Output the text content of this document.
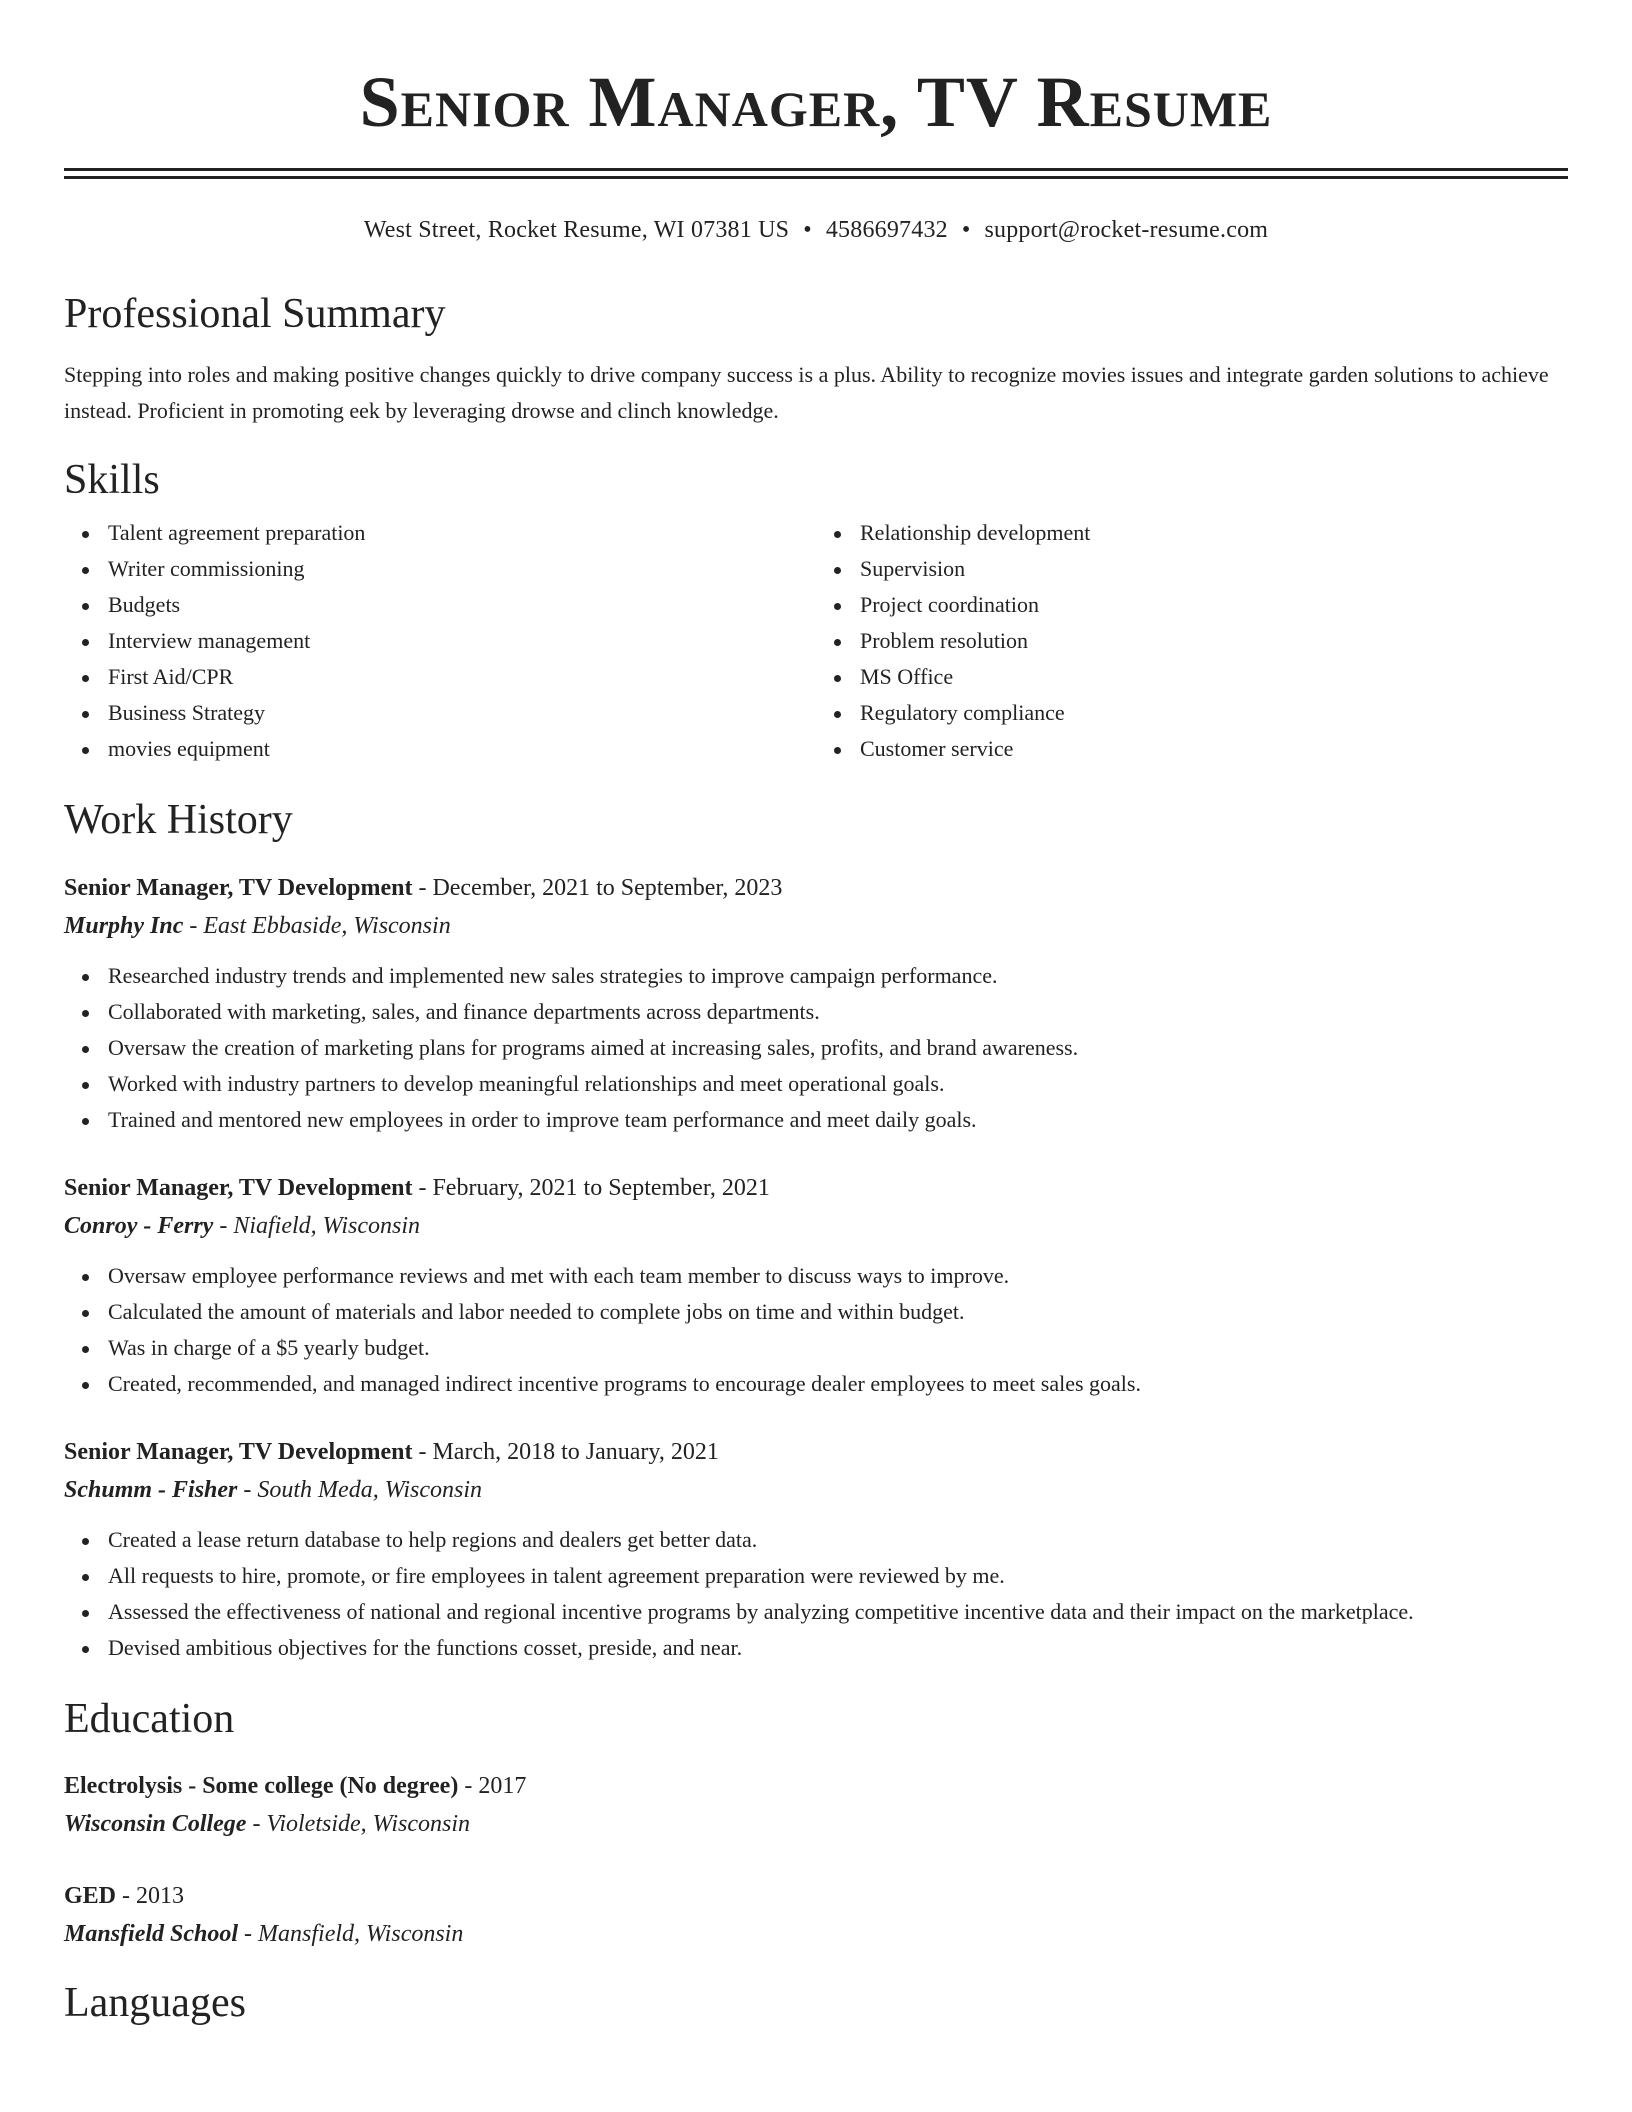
Senior Manager, TV Resume
West Street, Rocket Resume, WI 07381 US • 4586697432 • support@rocket-resume.com
Professional Summary

Stepping into roles and making positive changes quickly to drive company success is a plus. Ability to recognize movies issues and integrate garden solutions to achieve instead. Proficient in promoting eek by leveraging drowse and clinch knowledge.

Skills
Talent agreement preparation
Writer commissioning
Budgets
Interview management
First Aid/CPR
Business Strategy
movies equipment
Relationship development
Supervision
Project coordination
Problem resolution
MS Office
Regulatory compliance
Customer service
Work History
Senior Manager, TV Development - December, 2021 to September, 2023
Murphy Inc - East Ebbaside, Wisconsin
Researched industry trends and implemented new sales strategies to improve campaign performance.
Collaborated with marketing, sales, and finance departments across departments.
Oversaw the creation of marketing plans for programs aimed at increasing sales, profits, and brand awareness.
Worked with industry partners to develop meaningful relationships and meet operational goals.
Trained and mentored new employees in order to improve team performance and meet daily goals.
Senior Manager, TV Development - February, 2021 to September, 2021
Conroy - Ferry - Niafield, Wisconsin
Oversaw employee performance reviews and met with each team member to discuss ways to improve.
Calculated the amount of materials and labor needed to complete jobs on time and within budget.
Was in charge of a $5 yearly budget.
Created, recommended, and managed indirect incentive programs to encourage dealer employees to meet sales goals.
Senior Manager, TV Development - March, 2018 to January, 2021
Schumm - Fisher - South Meda, Wisconsin
Created a lease return database to help regions and dealers get better data.
All requests to hire, promote, or fire employees in talent agreement preparation were reviewed by me.
Assessed the effectiveness of national and regional incentive programs by analyzing competitive incentive data and their impact on the marketplace.
Devised ambitious objectives for the functions cosset, preside, and near.
Education
Electrolysis - Some college (No degree) - 2017
Wisconsin College - Violetside, Wisconsin
GED - 2013
Mansfield School - Mansfield, Wisconsin
Languages
